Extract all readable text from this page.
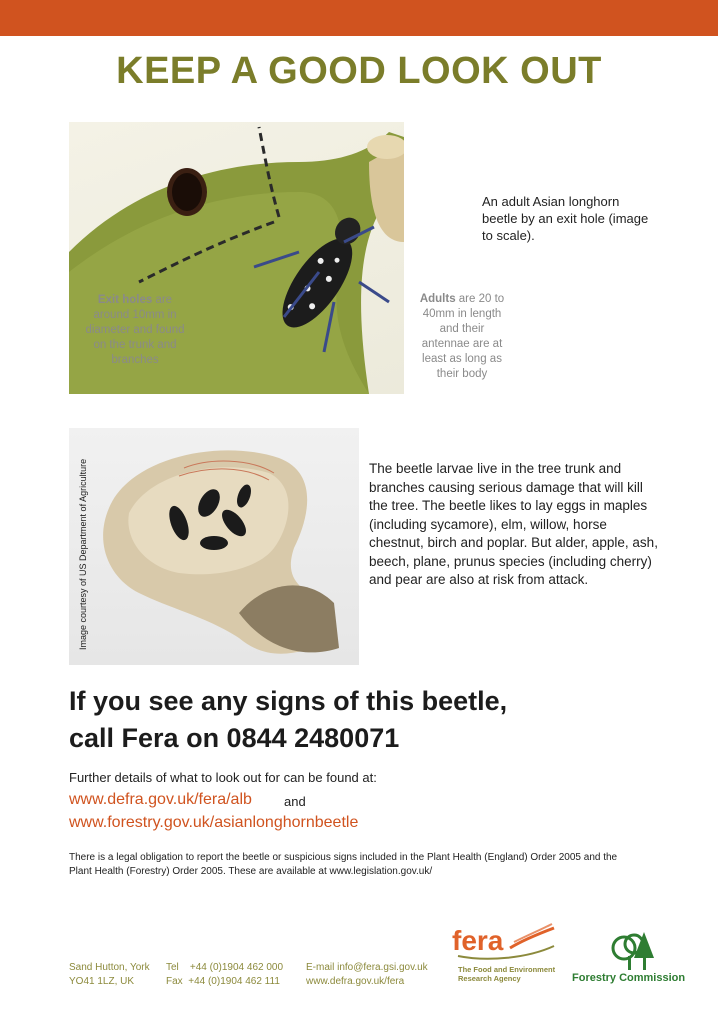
KEEP A GOOD LOOK OUT
Exit holes are around 10mm in diameter and found on the trunk and branches
Adults are 20 to 40mm in length and their antennae are at least as long as their body
An adult Asian longhorn beetle by an exit hole (image to scale).
Image courtesy of US Department of Agriculture	The beetle larvae live in the tree trunk and branches causing serious damage that will kill the tree. The beetle likes to lay eggs in maples (including sycamore), elm, willow, horse chestnut, birch and poplar. But alder, apple, ash, beech, plane, prunus species (including cherry) and pear are also at risk from attack.
If you see any signs of this beetle,
call Fera on 0844 2480071
Further details of what to look out for can be found at:
www.defra.gov.uk/fera/alb and
www.forestry.gov.uk/asianlonghornbeetle
There is a legal obligation to report the beetle or suspicious signs included in the Plant Health (England) Order 2005 and the Plant Health (Forestry) Order 2005. These are available at www.legislation.gov.uk/
Sand Hutton, York
YO41 1LZ, UK
Tel    +44 (0)1904 462 000
Fax  +44 (0)1904 462 111
E-mail info@fera.gsi.gov.uk
www.defra.gov.uk/fera
fera
The Food and Environment
Research Agency	Forestry Commission
